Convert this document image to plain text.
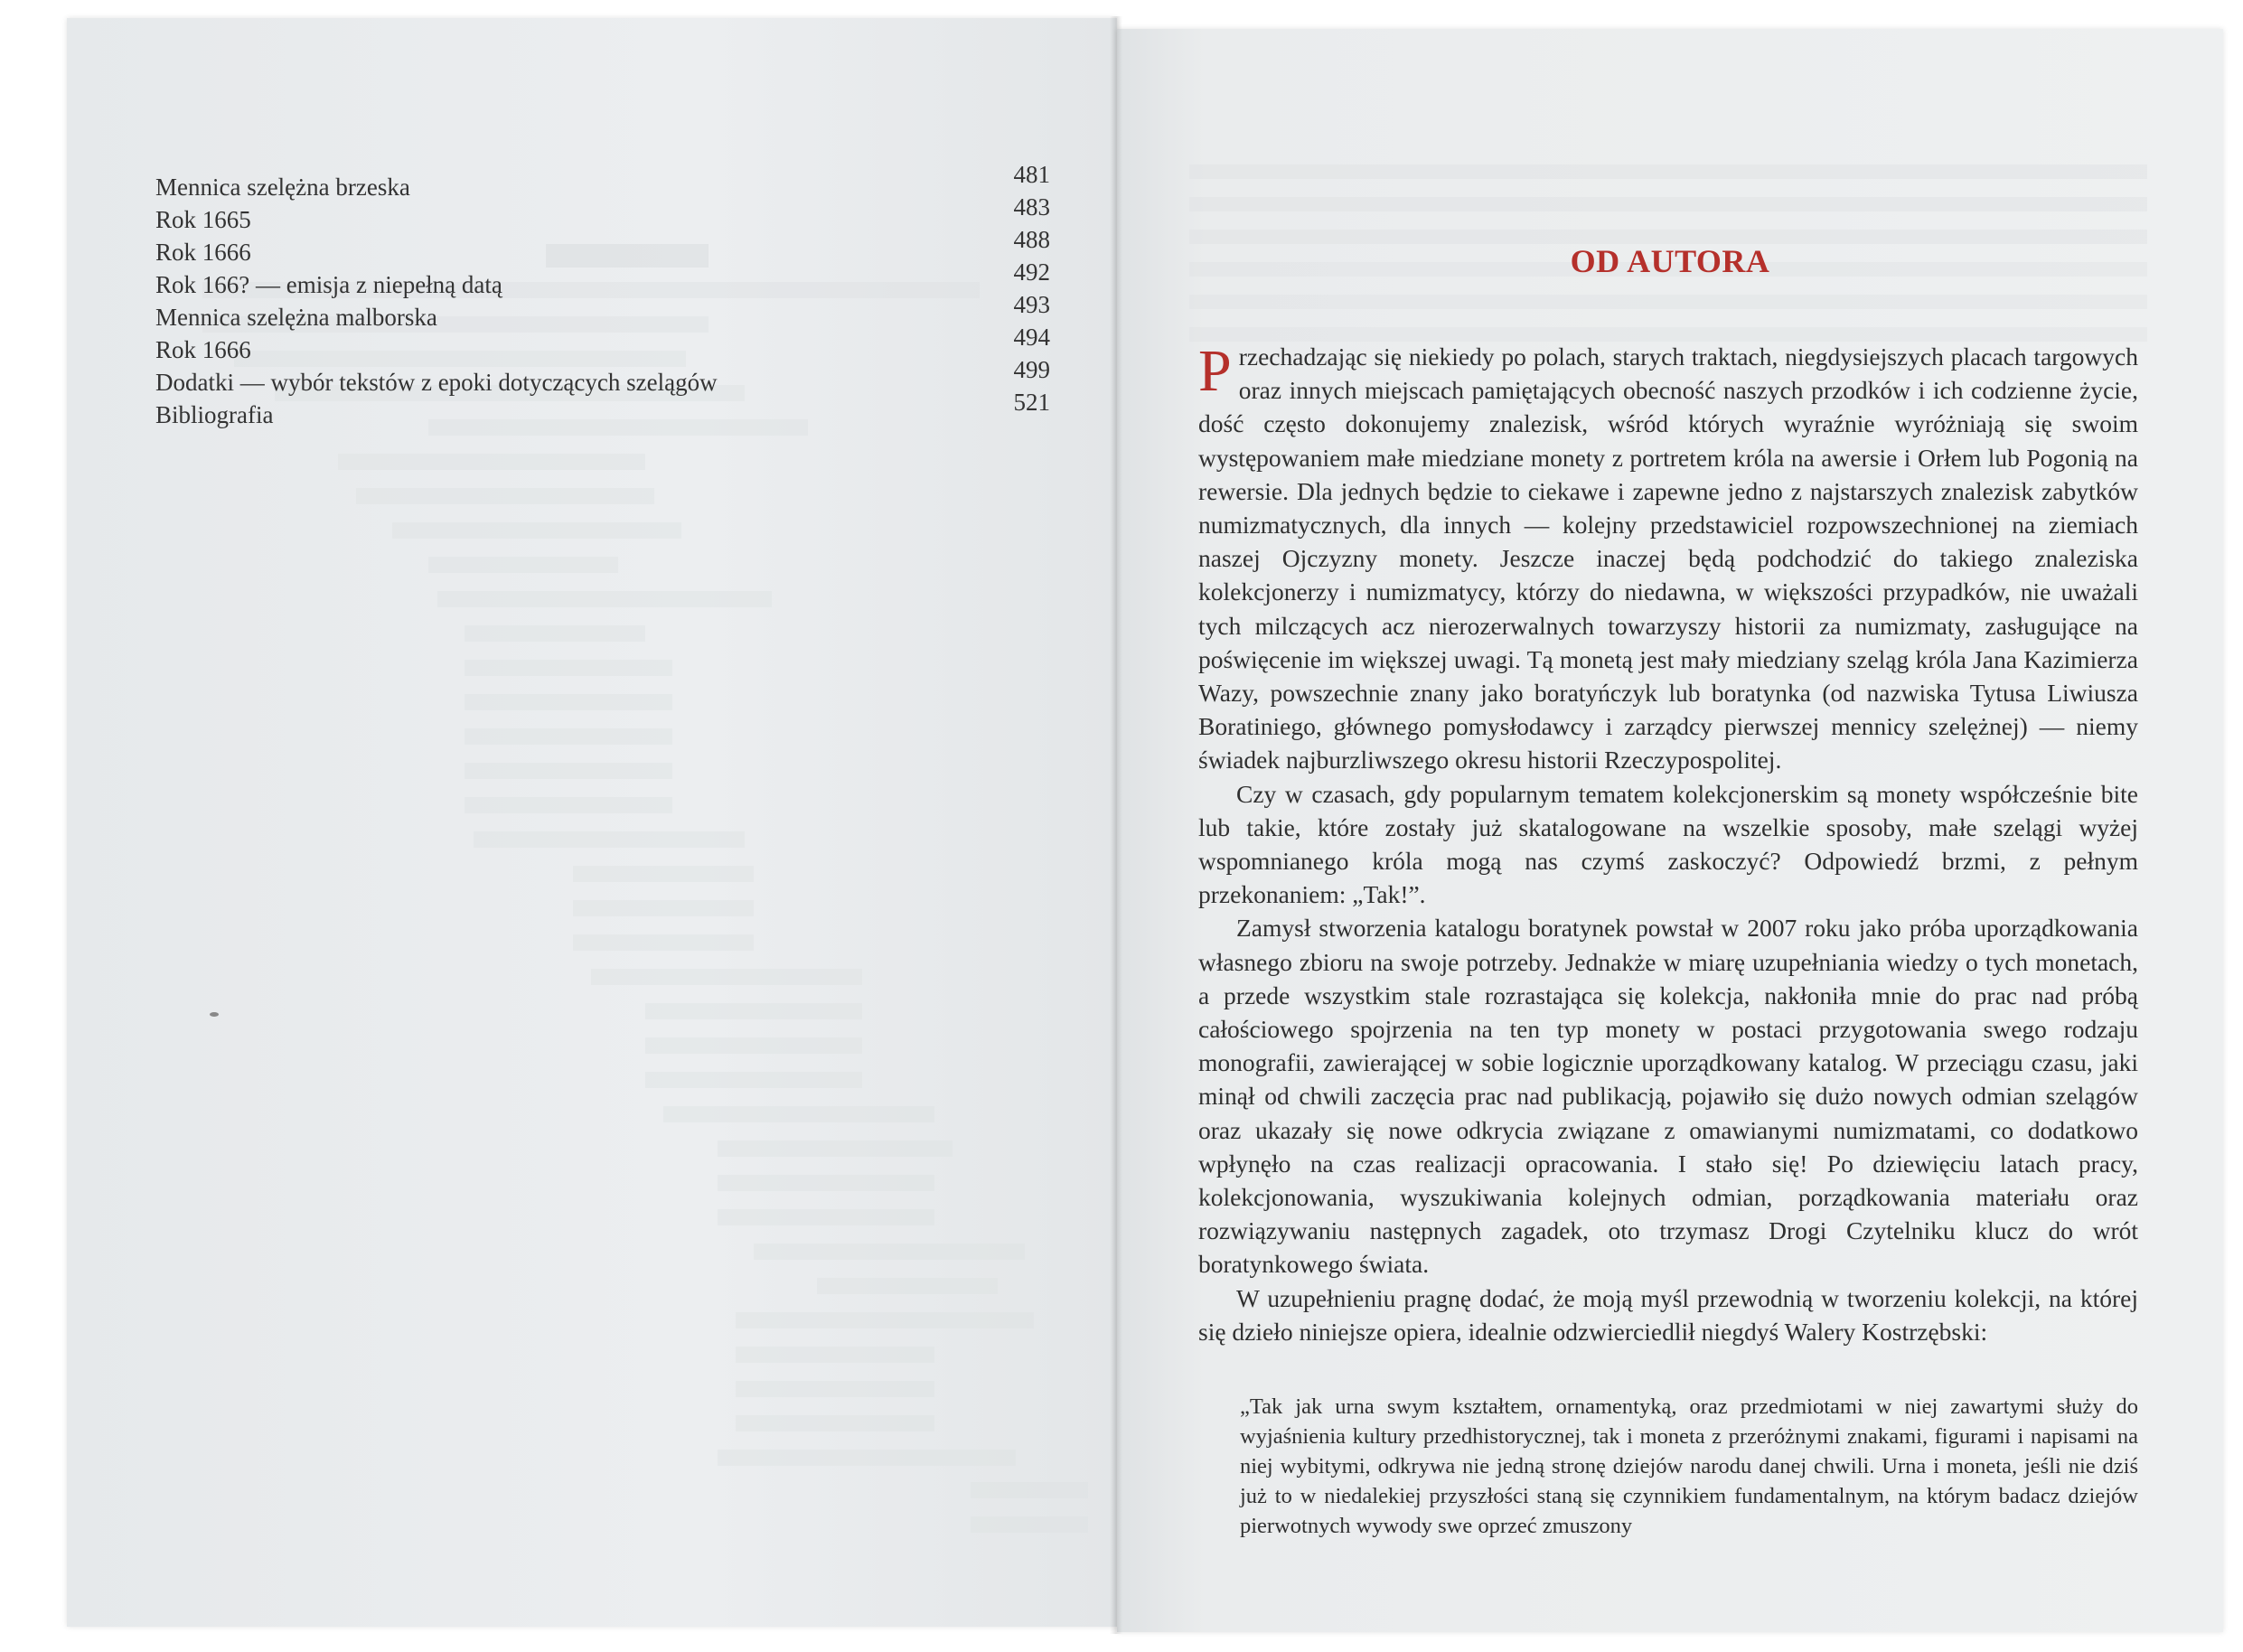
Mennica szelężna brzeska	481
Rok 1665	483
Rok 1666	488
Rok 166? — emisja z niepełną datą	492
Mennica szelężna malborska	493
Rok 1666	494
Dodatki — wybór tekstów z epoki dotyczących szelągów	499
Bibliografia	521
OD AUTORA

Przechadzając się niekiedy po polach, starych traktach, niegdysiejszych placach targowych oraz innych miejscach pamiętających obecność naszych przodków i ich codzienne życie, dość często dokonujemy znalezisk, wśród których wyraźnie wyróżniają się swoim występowaniem małe miedziane monety z portretem króla na awersie i Orłem lub Pogonią na rewersie. Dla jednych będzie to ciekawe i zapewne jedno z najstarszych znalezisk zabytków numizmatycznych, dla innych — kolejny przedstawiciel rozpowszechnionej na ziemiach naszej Ojczyzny monety. Jeszcze inaczej będą podchodzić do takiego znaleziska kolekcjonerzy i numizmatycy, którzy do niedawna, w większości przypadków, nie uważali tych milczących acz nierozerwalnych towarzyszy historii za numizmaty, zasługujące na poświęcenie im większej uwagi. Tą monetą jest mały miedziany szeląg króla Jana Kazimierza Wazy, powszechnie znany jako boratyńczyk lub boratynka (od nazwiska Tytusa Liwiusza Boratiniego, głównego pomysłodawcy i zarządcy pierwszej mennicy szelężnej) — niemy świadek najburzliwszego okresu historii Rzeczypospolitej.

Czy w czasach, gdy popularnym tematem kolekcjonerskim są monety współcześnie bite lub takie, które zostały już skatalogowane na wszelkie sposoby, małe szelągi wyżej wspomnianego króla mogą nas czymś zaskoczyć? Odpowiedź brzmi, z pełnym przekonaniem: „Tak!”.

Zamysł stworzenia katalogu boratynek powstał w 2007 roku jako próba uporządkowania własnego zbioru na swoje potrzeby. Jednakże w miarę uzupełniania wiedzy o tych monetach, a przede wszystkim stale rozrastająca się kolekcja, nakłoniła mnie do prac nad próbą całościowego spojrzenia na ten typ monety w postaci przygotowania swego rodzaju monografii, zawierającej w sobie logicznie uporządkowany katalog. W przeciągu czasu, jaki minął od chwili zaczęcia prac nad publikacją, pojawiło się dużo nowych odmian szelągów oraz ukazały się nowe odkrycia związane z omawianymi numizmatami, co dodatkowo wpłynęło na czas realizacji opracowania. I stało się! Po dziewięciu latach pracy, kolekcjonowania, wyszukiwania kolejnych odmian, porządkowania materiału oraz rozwiązywaniu następnych zagadek, oto trzymasz Drogi Czytelniku klucz do wrót boratynkowego świata.

W uzupełnieniu pragnę dodać, że moją myśl przewodnią w tworzeniu kolekcji, na której się dzieło niniejsze opiera, idealnie odzwierciedlił niegdyś Walery Kostrzębski:

„Tak jak urna swym kształtem, ornamentyką, oraz przedmiotami w niej zawartymi służy do wyjaśnienia kultury przedhistorycznej, tak i moneta z przeróżnymi znakami, figurami i napisami na niej wybitymi, odkrywa nie jedną stronę dziejów narodu danej chwili. Urna i moneta, jeśli nie dziś już to w niedalekiej przyszłości staną się czynnikiem fundamentalnym, na którym badacz dziejów pierwotnych wywody swe oprzeć zmuszony
